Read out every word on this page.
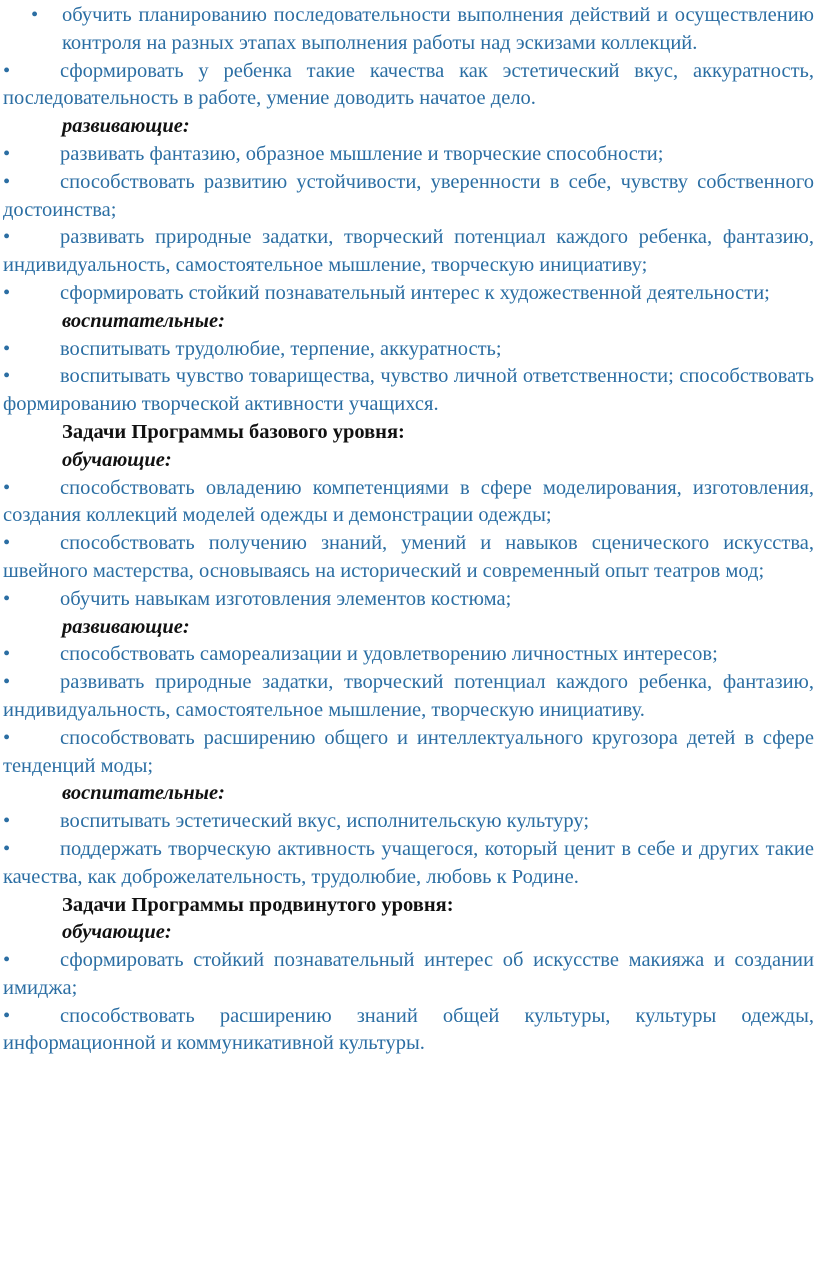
• обучить планированию последовательности выполнения действий и осуществлению контроля на разных этапах выполнения работы над эскизами коллекций.

• сформировать у ребенка такие качества как эстетический вкус, аккуратность, последовательность в работе, умение доводить начатое дело.

развивающие:

• развивать фантазию, образное мышление и творческие способности;

• способствовать развитию устойчивости, уверенности в себе, чувству собственного достоинства;

• развивать природные задатки, творческий потенциал каждого ребенка, фантазию, индивидуальность, самостоятельное мышление, творческую инициативу;

• сформировать стойкий познавательный интерес к художественной деятельности;

воспитательные:

• воспитывать трудолюбие, терпение, аккуратность;

• воспитывать чувство товарищества, чувство личной ответственности; способствовать формированию творческой активности учащихся.

Задачи Программы базового уровня:

обучающие:

• способствовать овладению компетенциями в сфере моделирования, изготовления, создания коллекций моделей одежды и демонстрации одежды;

• способствовать получению знаний, умений и навыков сценического искусства, швейного мастерства, основываясь на исторический и современный опыт театров мод;

• обучить навыкам изготовления элементов костюма;

развивающие:

• способствовать самореализации и удовлетворению личностных интересов;

• развивать природные задатки, творческий потенциал каждого ребенка, фантазию, индивидуальность, самостоятельное мышление, творческую инициативу.

• способствовать расширению общего и интеллектуального кругозора детей в сфере тенденций моды;

воспитательные:

• воспитывать эстетический вкус, исполнительскую культуру;

• поддержать творческую активность учащегося, который ценит в себе и других такие качества, как доброжелательность, трудолюбие, любовь к Родине.

Задачи Программы продвинутого уровня:

обучающие:

• сформировать стойкий познавательный интерес об искусстве макияжа и создании имиджа;

• способствовать расширению знаний общей культуры, культуры одежды, информационной и коммуникативной культуры.
